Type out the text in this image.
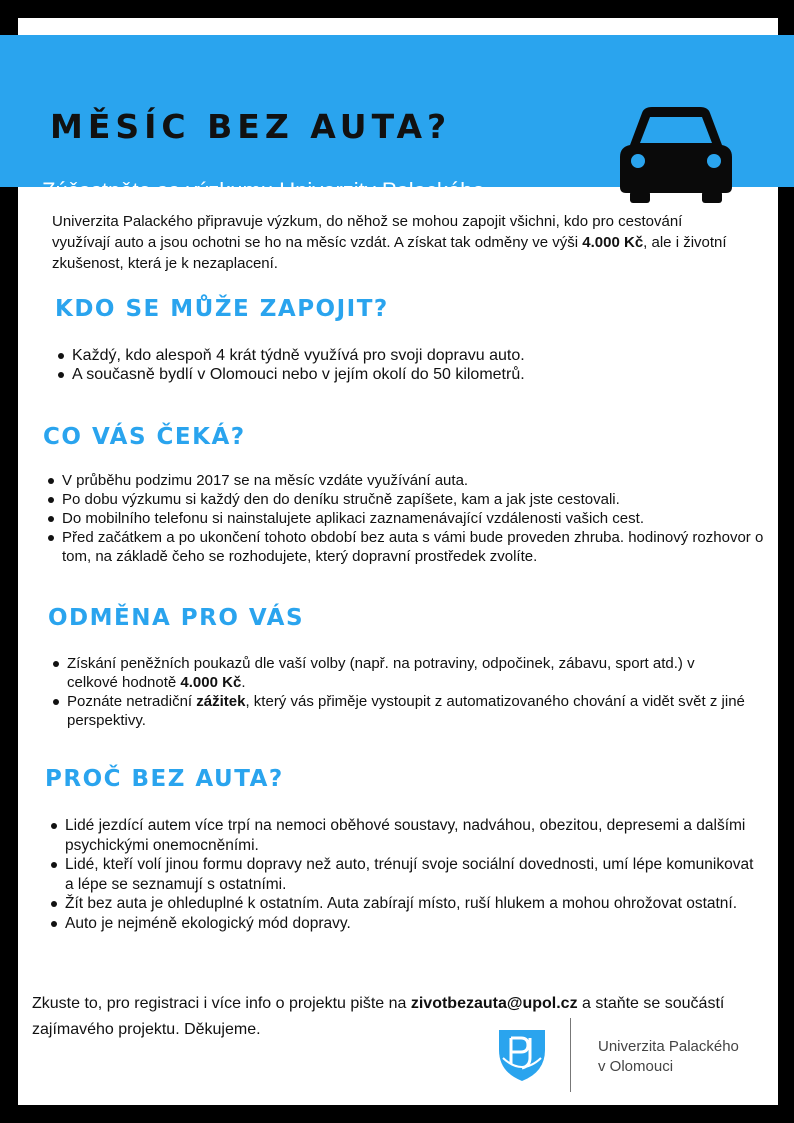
MĚSÍC BEZ AUTA?
Zúčastněte se výzkumu Univerzity Palackého
Univerzita Palackého připravuje výzkum, do něhož se mohou zapojit všichni, kdo pro cestování využívají auto a jsou ochotni se ho na měsíc vzdát. A získat tak odměny ve výši 4.000 Kč, ale i životní zkušenost, která je k nezaplacení.
KDO SE MŮŽE ZAPOJIT?
Každý, kdo alespoň 4 krát týdně využívá pro svoji dopravu auto.
A současně bydlí v Olomouci nebo v jejím okolí do 50 kilometrů.
CO VÁS ČEKÁ?
V průběhu podzimu 2017 se na měsíc vzdáte využívání auta.
Po dobu výzkumu si každý den do deníku stručně zapíšete, kam a jak jste cestovali.
Do mobilního telefonu si nainstalujete aplikaci zaznamenávající vzdálenosti vašich cest.
Před začátkem a po ukončení tohoto období bez auta s vámi bude proveden zhruba. hodinový rozhovor o tom, na základě čeho se rozhodujete, který dopravní prostředek zvolíte.
ODMĚNA PRO VÁS
Získání peněžních poukazů dle vaší volby (např. na potraviny, odpočinek, zábavu, sport atd.) v celkové hodnotě 4.000 Kč.
Poznáte netradiční zážitek, který vás přiměje vystoupit z automatizovaného chování a vidět svět z jiné perspektivy.
PROČ BEZ AUTA?
Lidé jezdící autem více trpí na nemoci oběhové soustavy, nadváhou, obezitou, depresemi a dalšími psychickými onemocněními.
Lidé, kteří volí jinou formu dopravy než auto, trénují svoje sociální dovednosti, umí lépe komunikovat a lépe se seznamují s ostatními.
Žít bez auta je ohleduplné k ostatním. Auta zabírají místo, ruší hlukem a mohou ohrožovat ostatní.
Auto je nejméně ekologický mód dopravy.
Zkuste to, pro registraci i více info o projektu pište na zivotbezauta@upol.cz a staňte se součástí zajímavého projektu. Děkujeme.
Univerzita Palackého
v Olomouci
